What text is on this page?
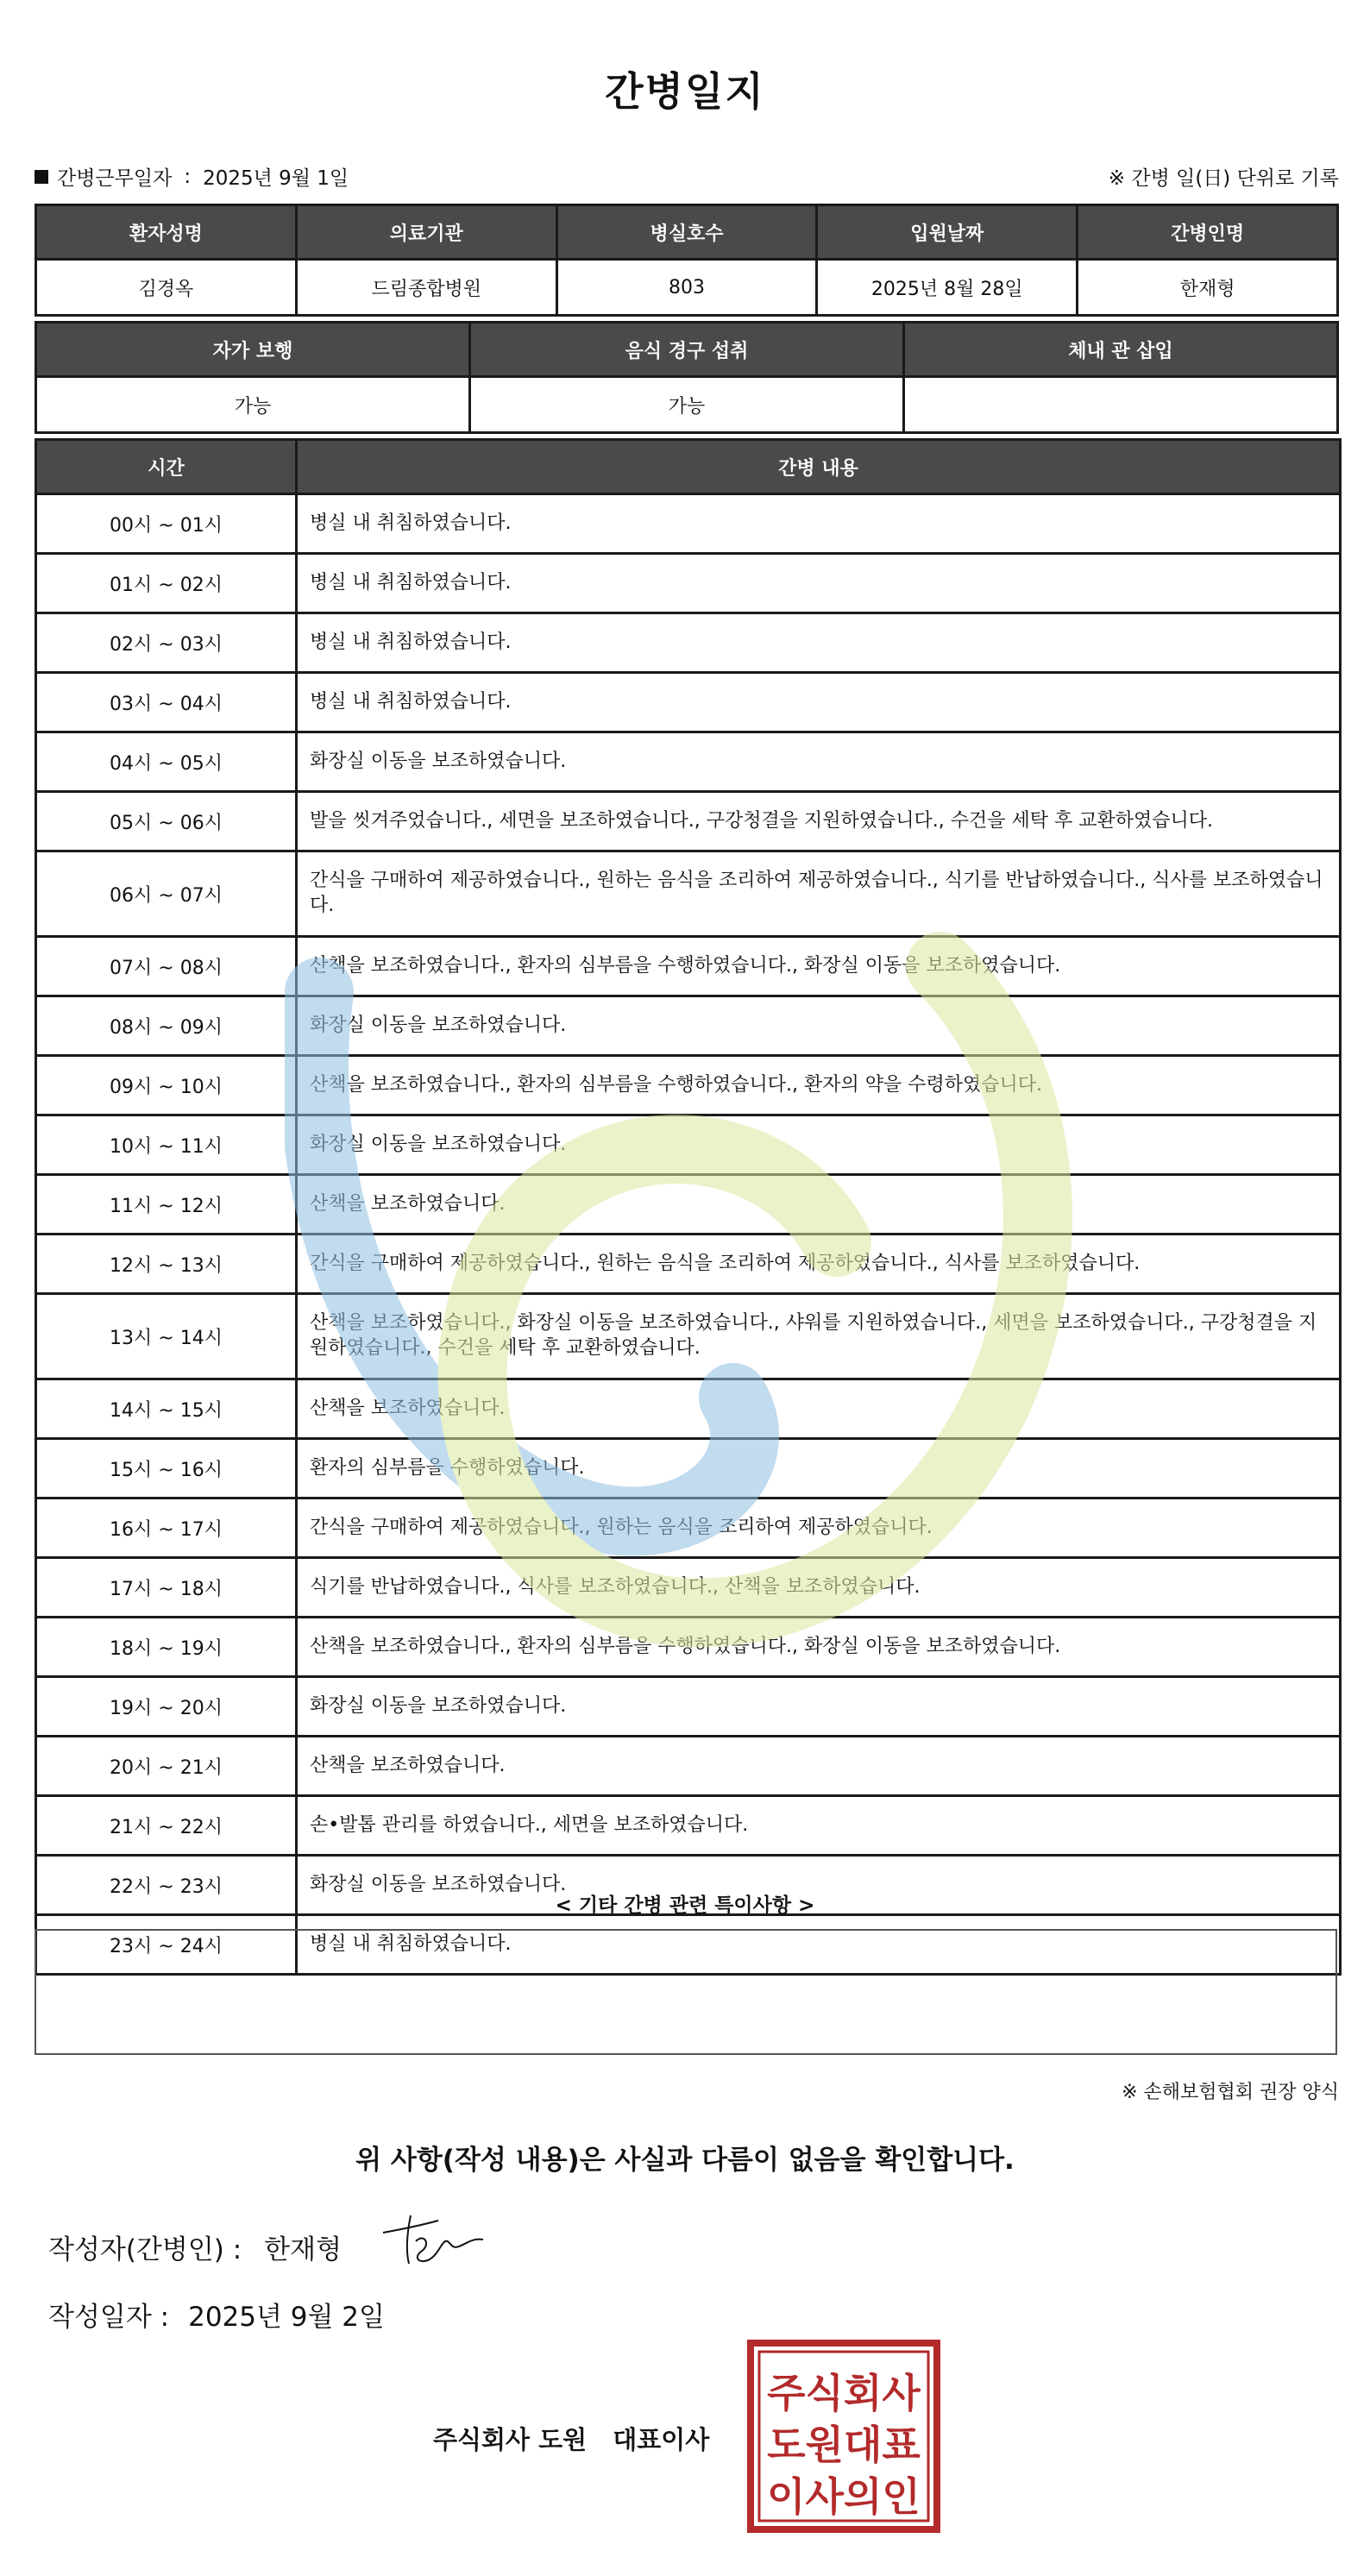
간병일지
간병근무일자 : 2025년 9월 1일	※ 간병 일(日) 단위로 기록
환자성명	의료기관	병실호수	입원날짜	간병인명
김경옥	드림종합병원	803	2025년 8월 28일	한재형
자가 보행	음식 경구 섭취	체내 관 삽입
가능	가능	
시간	간병 내용
00시 ~ 01시	병실 내 취침하였습니다.
01시 ~ 02시	병실 내 취침하였습니다.
02시 ~ 03시	병실 내 취침하였습니다.
03시 ~ 04시	병실 내 취침하였습니다.
04시 ~ 05시	화장실 이동을 보조하였습니다.
05시 ~ 06시	발을 씻겨주었습니다., 세면을 보조하였습니다., 구강청결을 지원하였습니다., 수건을 세탁 후 교환하였습니다.
06시 ~ 07시	간식을 구매하여 제공하였습니다., 원하는 음식을 조리하여 제공하였습니다., 식기를 반납하였습니다., 식사를 보조하였습니다.
07시 ~ 08시	산책을 보조하였습니다., 환자의 심부름을 수행하였습니다., 화장실 이동을 보조하였습니다.
08시 ~ 09시	화장실 이동을 보조하였습니다.
09시 ~ 10시	산책을 보조하였습니다., 환자의 심부름을 수행하였습니다., 환자의 약을 수령하였습니다.
10시 ~ 11시	화장실 이동을 보조하였습니다.
11시 ~ 12시	산책을 보조하였습니다.
12시 ~ 13시	간식을 구매하여 제공하였습니다., 원하는 음식을 조리하여 제공하였습니다., 식사를 보조하였습니다.
13시 ~ 14시	산책을 보조하였습니다., 화장실 이동을 보조하였습니다., 샤워를 지원하였습니다., 세면을 보조하였습니다., 구강청결을 지원하였습니다., 수건을 세탁 후 교환하였습니다.
14시 ~ 15시	산책을 보조하였습니다.
15시 ~ 16시	환자의 심부름을 수행하였습니다.
16시 ~ 17시	간식을 구매하여 제공하였습니다., 원하는 음식을 조리하여 제공하였습니다.
17시 ~ 18시	식기를 반납하였습니다., 식사를 보조하였습니다., 산책을 보조하였습니다.
18시 ~ 19시	산책을 보조하였습니다., 환자의 심부름을 수행하였습니다., 화장실 이동을 보조하였습니다.
19시 ~ 20시	화장실 이동을 보조하였습니다.
20시 ~ 21시	산책을 보조하였습니다.
21시 ~ 22시	손•발톱 관리를 하였습니다., 세면을 보조하였습니다.
22시 ~ 23시	화장실 이동을 보조하였습니다.
23시 ~ 24시	병실 내 취침하였습니다.
< 기타 간병 관련 특이사항 >
※ 손해보험협회 권장 양식
위 사항(작성 내용)은 사실과 다름이 없음을 확인합니다.
작성자(간병인) : 한재형
작성일자 : 2025년 9월 2일
주식회사 도원 대표이사
주식회사
도원대표
이사의인
